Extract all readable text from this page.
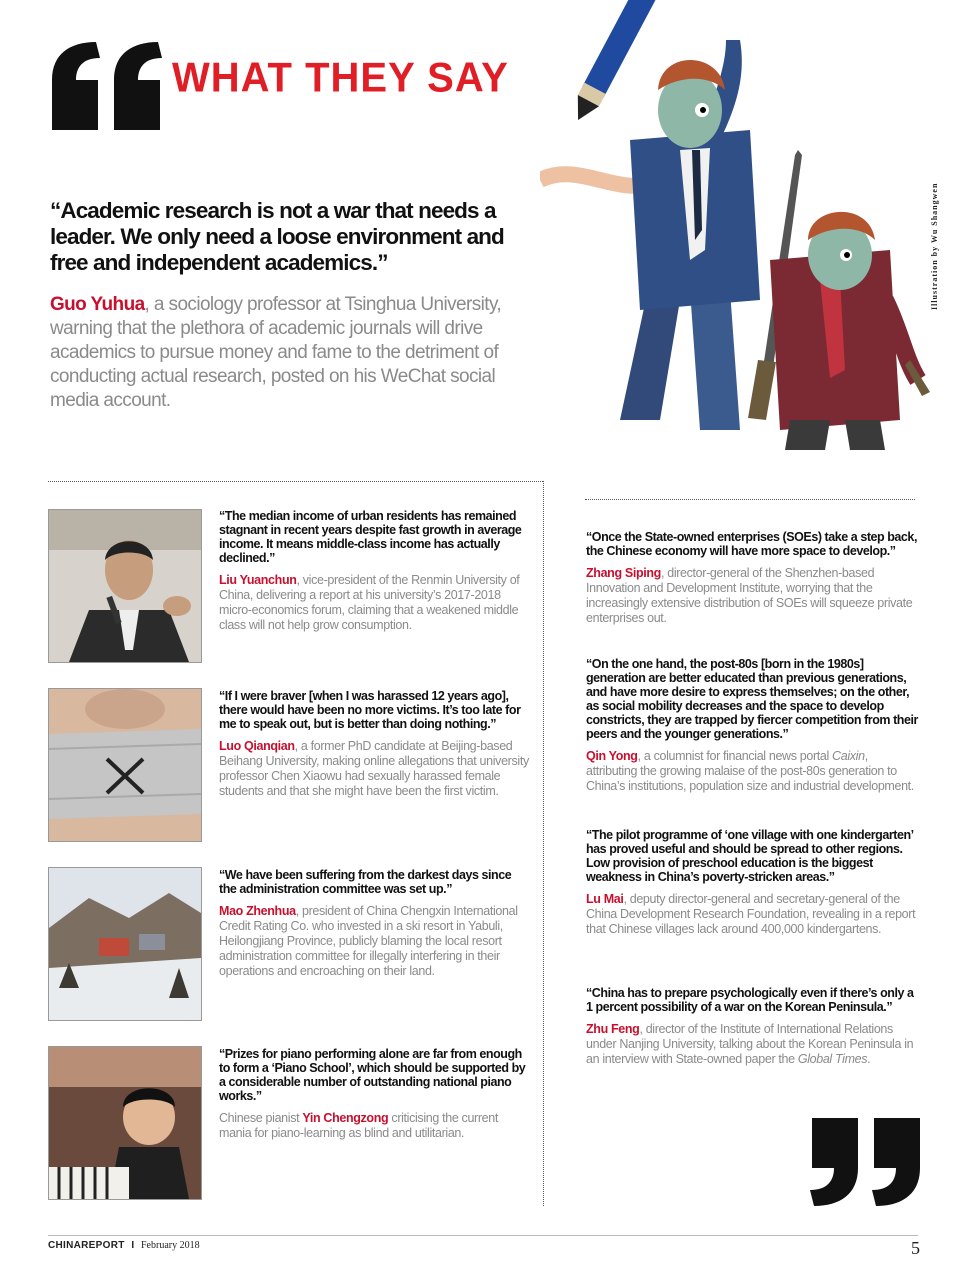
WHAT THEY SAY
Illustration by Wu Shangwen
“Academic research is not a war that needs a leader. We only need a loose environment and free and independent academics.”
Guo Yuhua, a sociology professor at Tsinghua University, warning that the plethora of academic journals will drive academics to pursue money and fame to the detriment of conducting actual research, posted on his WeChat social media account.
“The median income of urban residents has remained stagnant in recent years despite fast growth in average income. It means middle-class income has actually declined.”
Liu Yuanchun, vice-president of the Renmin University of China, delivering a report at his university’s 2017-2018 micro-economics forum, claiming that a weakened middle class will not help grow consumption.
“If I were braver [when I was harassed 12 years ago], there would have been no more victims. It’s too late for me to speak out, but is better than doing nothing.”
Luo Qianqian, a former PhD candidate at Beijing-based Beihang University, making online allegations that university professor Chen Xiaowu had sexually harassed female students and that she might have been the first victim.
“We have been suffering from the darkest days since the administration committee was set up.”
Mao Zhenhua, president of China Chengxin International Credit Rating Co. who invested in a ski resort in Yabuli, Heilongjiang Province, publicly blaming the local resort administration committee for illegally interfering in their operations and encroaching on their land.
“Prizes for piano performing alone are far from enough to form a ‘Piano School’, which should be supported by a considerable number of outstanding national piano works.”
Chinese pianist Yin Chengzong criticising the current mania for piano-learning as blind and utilitarian.
“Once the State-owned enterprises (SOEs) take a step back, the Chinese economy will have more space to develop.”
Zhang Siping, director-general of the Shenzhen-based Innovation and Development Institute, worrying that the increasingly extensive distribution of SOEs will squeeze private enterprises out.
“On the one hand, the post-80s [born in the 1980s] generation are better educated than previous generations, and have more desire to express themselves; on the other, as social mobility decreases and the space to develop constricts, they are trapped by fiercer competition from their peers and the younger generations.”
Qin Yong, a columnist for financial news portal Caixin, attributing the growing malaise of the post-80s generation to China’s institutions, population size and industrial development.
“The pilot programme of ‘one village with one kindergarten’ has proved useful and should be spread to other regions. Low provision of preschool education is the biggest weakness in China’s poverty-stricken areas.”
Lu Mai, deputy director-general and secretary-general of the China Development Research Foundation, revealing in a report that Chinese villages lack around 400,000 kindergartens.
“China has to prepare psychologically even if there’s only a 1 percent possibility of a war on the Korean Peninsula.”
Zhu Feng, director of the Institute of International Relations under Nanjing University, talking about the Korean Peninsula in an interview with State-owned paper the Global Times.
CHINAREPORT I February 2018	5
